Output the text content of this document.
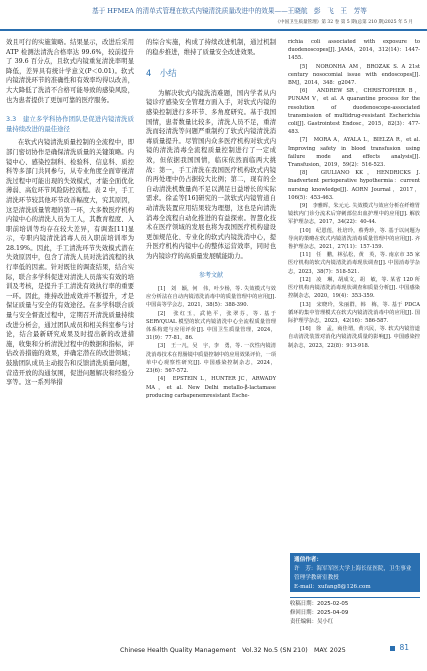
基于 HFMEA 的清单式管理在软式内镜清洗质量改进中的效果——王晓航　彭　飞　王　芳等
《中国卫生质量管理》第 32 卷 第 5 期(总第 210 期)2025 年 5 月

效且可行的实施策略。结果显示，改进后采用 ATP 检测法清洗合格率达 99.6%，较前提升了 39.6 百分点，且软式内镜重复清洗率明显降低，差异具有统计学意义(P＜0.01)。软式内镜清洗环节的准确性和有效率均得以改善，大大降低了洗消不合格可能导致的感染风险，也为患者提供了更加可靠的医疗服务。

3.3　建立多学科协作团队是促进内镜清洗质量持续改进的最佳途径

在软式内镜清洗质量控制的全流程中，即部门密切协作是确保清洗质量的关键策略。内镜中心、感染控制科、检验科、信息科、质控科等多部门共同参与，从专业角度全面审视清洗过程中可能出现的失效模式，才能全面优化薄弱、高危环节风险防控流程。表 2 中，手工清洗环节较其他环节改善幅度大，究其原因，这是清洗质量管理的第一环，大多数医疗机构内镜中心的清洗人员为工人，其教育程度、入职前培训等均存在较大差异，有调查[11]显示，专职内镜清洗消毒人员入职前培训率为 28.19%。因此，手工清洗环节失效模式潜在失效原因中，包含了清洗人员对洗消流程的执行率低的因素。针对既往的调查结果，结合实际，联合多学科促进对清洗人员落实有效的培训及考核，是提升手工清洗有效执行率的重要一环。因此，维持改进成效并不断提升，才是保证质量与安全的有效途径。在多学科联合质量与安全督查过程中，定期召开清洗质量持续改进分析会，通过团队成员和相关科室参与讨论，结合最新研究成果及时提出新的改进措施，收集和分析清洗过程中的数据和指标，评估改善措施的效果，并确定潜在的改进领域；鼓励团队成员主动报告和反馈清洗质量问题，营造开放的沟通氛围，促进问题解决和经验分享等。这一系列举措

的综合实施，构成了持续改进机制，通过机制的稳步推进，维持了质量安全改进效果。

4　小结

为解决软式内镜洗消难题，国内学者从内镜诊疗感染安全管理方面入手，对软式内镜的感染控制进行多环节、多角度研究。基于我国国情，患者数量比较多，清洗人员不足，重清洗而轻清洗等问题严重制约了软式内镜清洗消毒质量提升。尽管国内众多医疗机构对软式内镜的清洗消毒全流程质量控制进行了一定成效，但依据我国国情，临床依然面临两大挑战：第一，手工清洗在我国医疗机构软式内镜的再处理中仍占据较大比例；第二，现有的全自动清洗机数量尚不足以满足日益增长的实际需求。徐孟等[16]研究的一款软式内镜管道自动清洗装置应用结果较为理想，这也是向清洗消毒全流程自动化推进的有益探索。智慧化技术在医疗领域的发展也将为我国医疗机构建设更加规范化、专业化的软式内镜洗消中心，提升医疗机构内镜中心的整体运营效率，同时也为内镜诊疗的高质量发展赋能助力。

参考文献

[1]　刘　颖，何　伟，叶少杨，等. 失效模式与效应分析法在自动内镜清洗消毒中的质量管理中的应用[J]. 中国高等学会志，2021，38(5)：388-390.

[2]　张红玉，武艳平，张翠芬，等. 基于 SERVQUAL 模型的软式内镜清洗中心全流程质量管理体系构建与应用评价[J]. 中国卫生质量管理，2024，31(9)：77-81，86.

[3]　王一凡，吴　宇，李　勇，等. 一次性内镜清洗消毒技术在胃肠镜中质量控制中的应用效果评价，一项单中心观察性研究[J]. 中国感染控制杂志，2024，23(6)：567-572.

[4]　EPSTEIN L，HUNTER JC，ARWADY MA，et al. New Delhi metallo-β-lactamase producing carbapenemresistant Esche-

richia coli associated with exposure to duodenoscopes[J]. JAMA，2014，312(14)：1447-1455.

[5]　NORONHA AM，BROZAK S. A 21st century nosocomial issue with endoscopes[J]. BMJ，2014，348：g2047.

[6]　ANDREW SR，CHRISTOPHER B，PUNAM V，et al. A quarantine process for the resolution of duodenoscope-associated transmission of multidrug-resistant Escherichia coli[J]. Gastrointest Endosc，2015，82(3)：477-483.

[7]　MORA A，AYALA L，BIELZA R，et al. Improving safety in blood transfusion using failure mode and effects analysis[J]. Transfusion，2019，59(2)：516-523.

[8]　GIULIANO KK，HENDRICKS J. Inadvertent perioperative hypothermia：current nursing knowledge[J]. AORN Journal，2017，106(5)：453-463.

[9]　李雅晖，朱元元. 失效模式与效应分析在纤维胃镜软内门诊分流术后穿刺部位出血护理中的应用[J]. 解放军护理杂志，2017，34(22)：40-44.

[10]　纪恩莲，杜培玲，蔡秀珍，等. 基于以问题为导向的策略在软式内镜清洗消毒质量管理中的应用[J]. 齐鲁护理杂志，2021，27(11)：157-159.

[11]　任　鹏，林弘松，黄　英，等. 南京市 35 家医疗机构的软式内镜清洗消毒现状调查[J]. 中国消毒学杂志，2023，38(7)：518-521.

[12]　凌　琳，胡成文，胡　敏，等. 某省 120 所医疗机构内镜清洗消毒现状调查和质量分析[J]. 中国感染控制杂志，2020，19(4)：353-359.

[13]　宋晓玲，朱丽群，韩　梅，等. 基于 PDCA 循环的集中管理模式在软式内镜清洗消毒中的应用[J]. 国际护理学杂志，2023，42(16)：586-587.

[16]　徐　孟，商佳谓，黄兴民，等. 软式内镜管道自动清洗装置对消化内镜清洗质量的影响[J]. 中国感染控制杂志，2023，22(8)：913-918.

通信作者：
许　芳：海军军医大学上海长征医院，卫生事业管理学教研室教授
E-mail：xufang8@126.com
收稿日期：2025-02-05
修回日期：2025-04-09
责任编辑：吴小红
Chinese Health Quality Management　Vol.32 No.5 (SN 210)　MAY. 2025	81
